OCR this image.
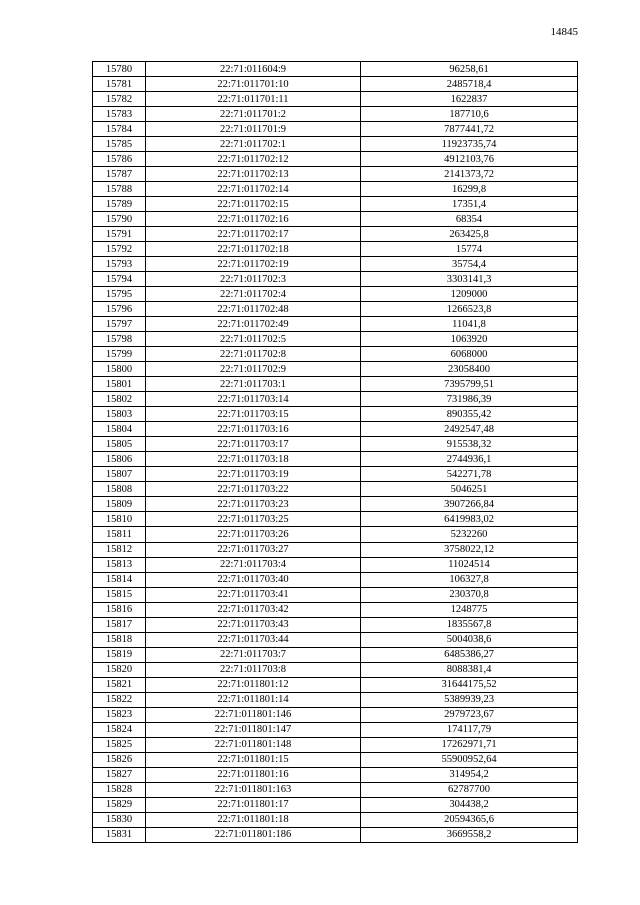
14845
15780	22:71:011604:9	96258,61
15781	22:71:011701:10	2485718,4
15782	22:71:011701:11	1622837
15783	22:71:011701:2	187710,6
15784	22:71:011701:9	7877441,72
15785	22:71:011702:1	11923735,74
15786	22:71:011702:12	4912103,76
15787	22:71:011702:13	2141373,72
15788	22:71:011702:14	16299,8
15789	22:71:011702:15	17351,4
15790	22:71:011702:16	68354
15791	22:71:011702:17	263425,8
15792	22:71:011702:18	15774
15793	22:71:011702:19	35754,4
15794	22:71:011702:3	3303141,3
15795	22:71:011702:4	1209000
15796	22:71:011702:48	1266523,8
15797	22:71:011702:49	11041,8
15798	22:71:011702:5	1063920
15799	22:71:011702:8	6068000
15800	22:71:011702:9	23058400
15801	22:71:011703:1	7395799,51
15802	22:71:011703:14	731986,39
15803	22:71:011703:15	890355,42
15804	22:71:011703:16	2492547,48
15805	22:71:011703:17	915538,32
15806	22:71:011703:18	2744936,1
15807	22:71:011703:19	542271,78
15808	22:71:011703:22	5046251
15809	22:71:011703:23	3907266,84
15810	22:71:011703:25	6419983,02
15811	22:71:011703:26	5232260
15812	22:71:011703:27	3758022,12
15813	22:71:011703:4	11024514
15814	22:71:011703:40	106327,8
15815	22:71:011703:41	230370,8
15816	22:71:011703:42	1248775
15817	22:71:011703:43	1835567,8
15818	22:71:011703:44	5004038,6
15819	22:71:011703:7	6485386,27
15820	22:71:011703:8	8088381,4
15821	22:71:011801:12	31644175,52
15822	22:71:011801:14	5389939,23
15823	22:71:011801:146	2979723,67
15824	22:71:011801:147	174117,79
15825	22:71:011801:148	17262971,71
15826	22:71:011801:15	55900952,64
15827	22:71:011801:16	314954,2
15828	22:71:011801:163	62787700
15829	22:71:011801:17	304438,2
15830	22:71:011801:18	20594365,6
15831	22:71:011801:186	3669558,2
